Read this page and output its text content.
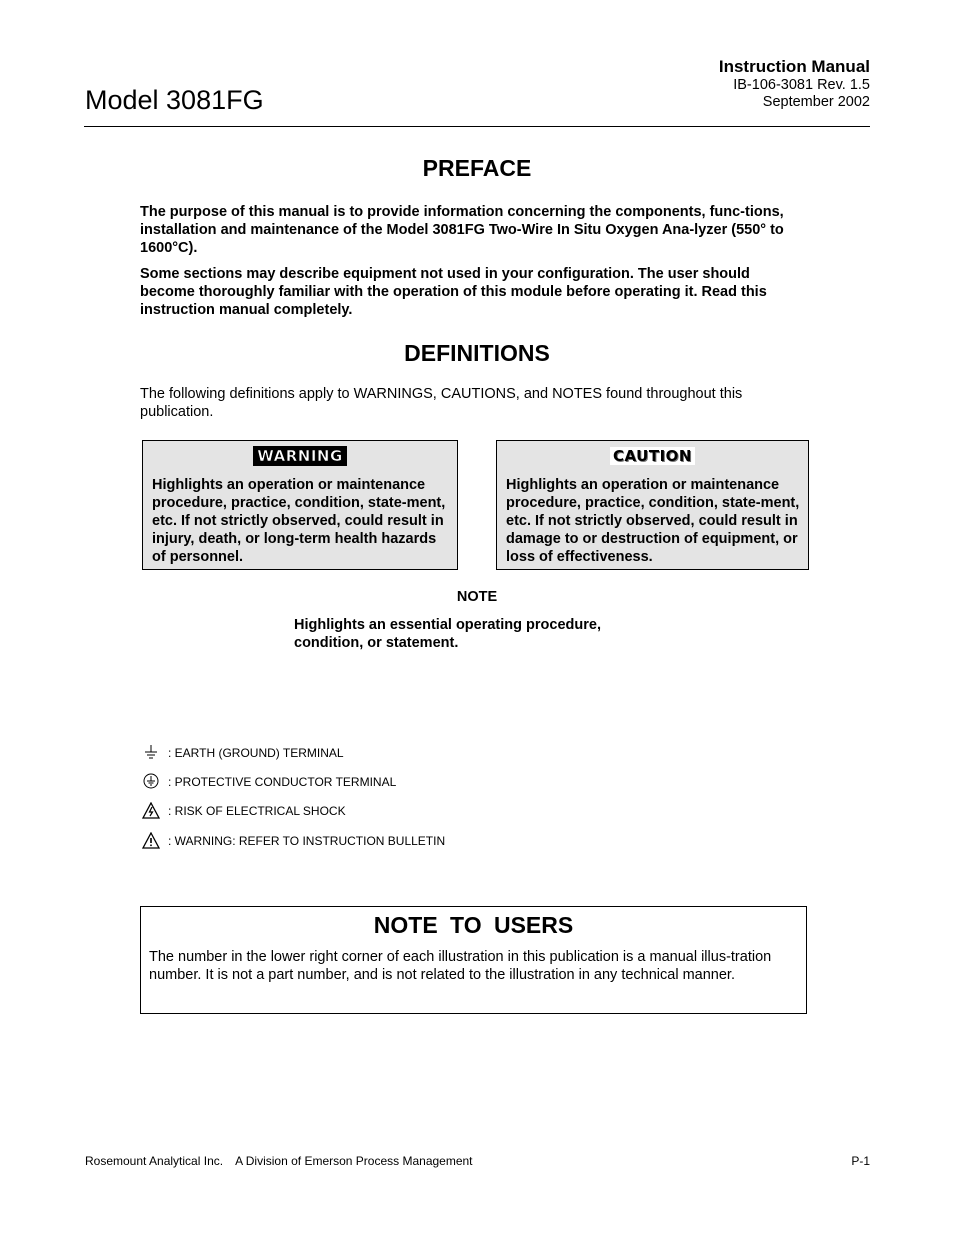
Model 3081FG
Instruction Manual
IB-106-3081 Rev. 1.5
September 2002
PREFACE
The purpose of this manual is to provide information concerning the components, func-tions, installation and maintenance of the Model 3081FG Two-Wire In Situ Oxygen Ana-lyzer (550° to 1600°C).
Some sections may describe equipment not used in your configuration. The user should become thoroughly familiar with the operation of this module before operating it. Read this instruction manual completely.
DEFINITIONS
The following definitions apply to WARNINGS, CAUTIONS, and NOTES found throughout this publication.
WARNING
Highlights an operation or maintenance procedure, practice, condition, state-ment, etc. If not strictly observed, could result in injury, death, or long-term health hazards of personnel.
CAUTION
Highlights an operation or maintenance procedure, practice, condition, state-ment, etc. If not strictly observed, could result in damage to or destruction of equipment, or loss of effectiveness.
NOTE
Highlights an essential operating procedure, condition, or statement.
: EARTH (GROUND) TERMINAL
: PROTECTIVE CONDUCTOR TERMINAL
: RISK OF ELECTRICAL SHOCK
: WARNING: REFER TO INSTRUCTION BULLETIN
NOTE TO USERS
The number in the lower right corner of each illustration in this publication is a manual illus-tration number. It is not a part number, and is not related to the illustration in any technical manner.
Rosemount Analytical Inc. A Division of Emerson Process Management	P-1
